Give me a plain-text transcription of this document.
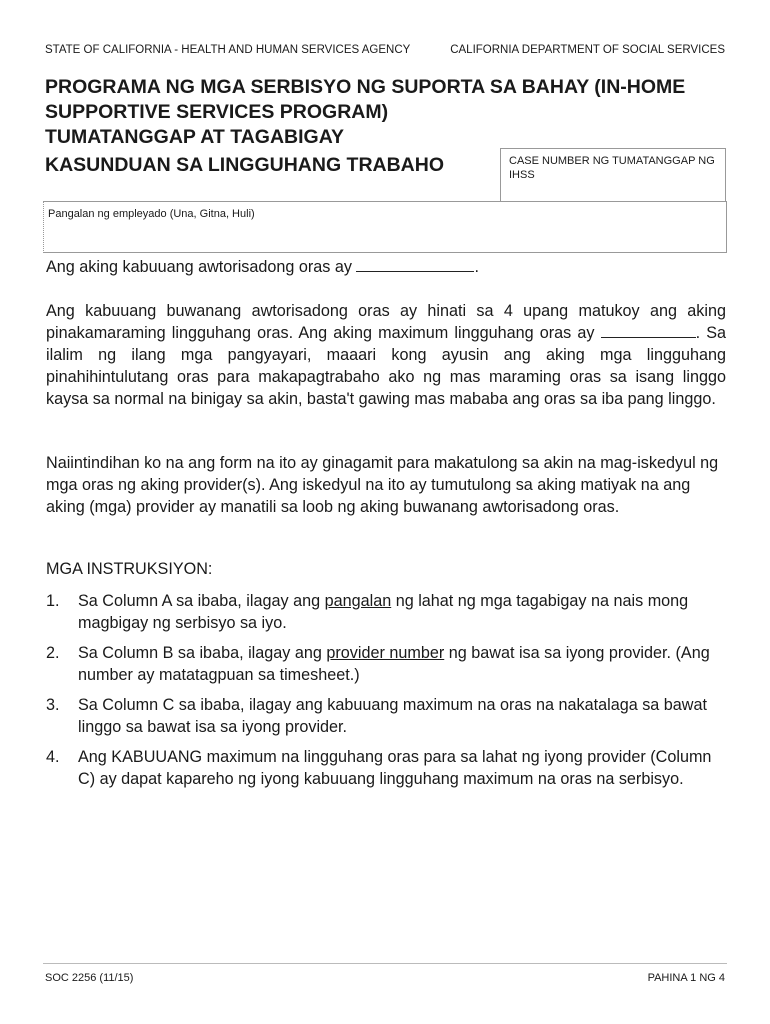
STATE OF CALIFORNIA - HEALTH AND HUMAN SERVICES AGENCY	CALIFORNIA DEPARTMENT OF SOCIAL SERVICES
PROGRAMA NG MGA SERBISYO NG SUPORTA SA BAHAY (IN-HOME
SUPPORTIVE SERVICES PROGRAM)
TUMATANGGAP AT TAGABIGAY
KASUNDUAN SA LINGGUHANG TRABAHO	CASE NUMBER NG TUMATANGGAP NG IHSS
Pangalan ng empleyado (Una, Gitna, Huli)
Ang aking kabuuang awtorisadong oras ay	.
Ang kabuuang buwanang awtorisadong oras ay hinati sa 4 upang matukoy ang aking pinakamaraming lingguhang oras. Ang aking maximum lingguhang oras ay	. Sa ilalim ng ilang mga pangyayari, maaari kong ayusin ang aking mga lingguhang pinahihintulutang oras para makapagtrabaho ako ng mas maraming oras sa isang linggo kaysa sa normal na binigay sa akin, basta't gawing mas mababa ang oras sa iba pang linggo.
Naiintindihan ko na ang form na ito ay ginagamit para makatulong sa akin na mag-iskedyul ng mga oras ng aking provider(s). Ang iskedyul na ito ay tumutulong sa aking matiyak na ang aking (mga) provider ay manatili sa loob ng aking buwanang awtorisadong oras.
MGA INSTRUKSIYON:
1.	Sa Column A sa ibaba, ilagay ang pangalan ng lahat ng mga tagabigay na nais mong magbigay ng serbisyo sa iyo.
2.	Sa Column B sa ibaba, ilagay ang provider number ng bawat isa sa iyong provider. (Ang number ay matatagpuan sa timesheet.)
3.	Sa Column C sa ibaba, ilagay ang kabuuang maximum na oras na nakatalaga sa bawat linggo sa bawat isa sa iyong provider.
4.	Ang KABUUANG maximum na lingguhang oras para sa lahat ng iyong provider (Column C) ay dapat kapareho ng iyong kabuuang lingguhang maximum na oras na serbisyo.
SOC 2256 (11/15)	PAHINA 1 NG 4
